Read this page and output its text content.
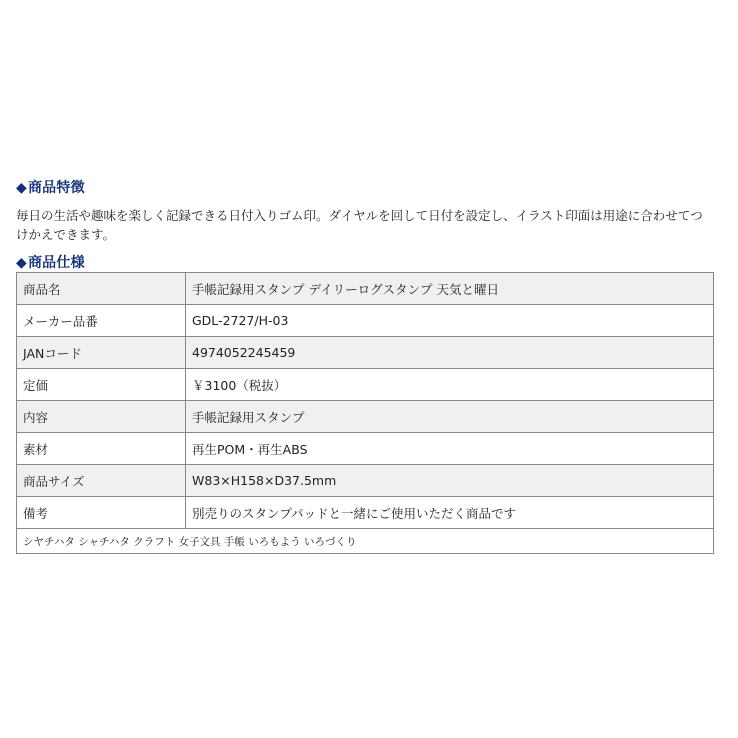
◆商品特徴
毎日の生活や趣味を楽しく記録できる日付入りゴム印。ダイヤルを回して日付を設定し、イラスト印面は用途に合わせてつけかえできます。
◆商品仕様
商品名	手帳記録用スタンプ デイリーログスタンプ 天気と曜日
メーカー品番	GDL-2727/H-03
JANコード	4974052245459
定価	￥3100（税抜）
内容	手帳記録用スタンプ
素材	再生POM・再生ABS
商品サイズ	W83×H158×D37.5mm
備考	別売りのスタンプパッドと一緒にご使用いただく商品です
シヤチハタ シャチハタ クラフト 女子文具 手帳 いろもよう いろづくり	
